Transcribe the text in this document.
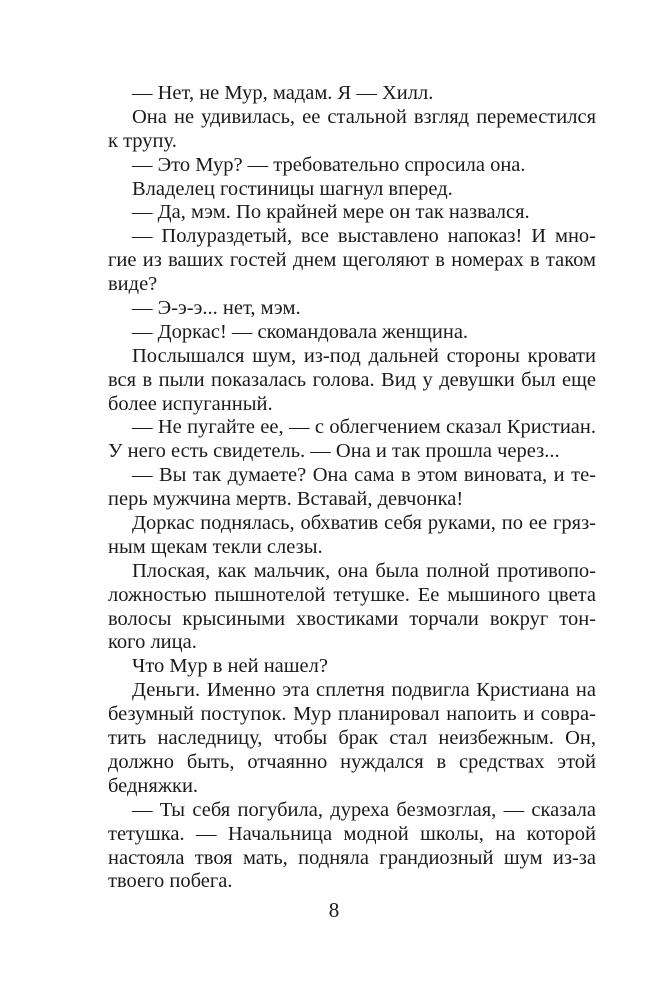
— Нет, не Мур, мадам. Я — Хилл.
Она не удивилась, ее стальной взгляд переместился
к трупу.
— Это Мур? — требовательно спросила она.
Владелец гостиницы шагнул вперед.
— Да, мэм. По крайней мере он так назвался.
— Полураздетый, все выставлено напоказ! И мно-
гие из ваших гостей днем щеголяют в номерах в таком
виде?
— Э-э-э... нет, мэм.
— Доркас! — скомандовала женщина.
Послышался шум, из-под дальней стороны кровати
вся в пыли показалась голова. Вид у девушки был еще
более испуганный.
— Не пугайте ее, — с облегчением сказал Кристиан.
У него есть свидетель. — Она и так прошла через...
— Вы так думаете? Она сама в этом виновата, и те-
перь мужчина мертв. Вставай, девчонка!
Доркас поднялась, обхватив себя руками, по ее гряз-
ным щекам текли слезы.
Плоская, как мальчик, она была полной противопо-
ложностью пышнотелой тетушке. Ее мышиного цвета
волосы крысиными хвостиками торчали вокруг тон-
кого лица.
Что Мур в ней нашел?
Деньги. Именно эта сплетня подвигла Кристиана на
безумный поступок. Мур планировал напоить и совра-
тить наследницу, чтобы брак стал неизбежным. Он,
должно быть, отчаянно нуждался в средствах этой
бедняжки.
— Ты себя погубила, дуреха безмозглая, — сказала
тетушка. — Начальница модной школы, на которой
настояла твоя мать, подняла грандиозный шум из-за
твоего побега.
8
